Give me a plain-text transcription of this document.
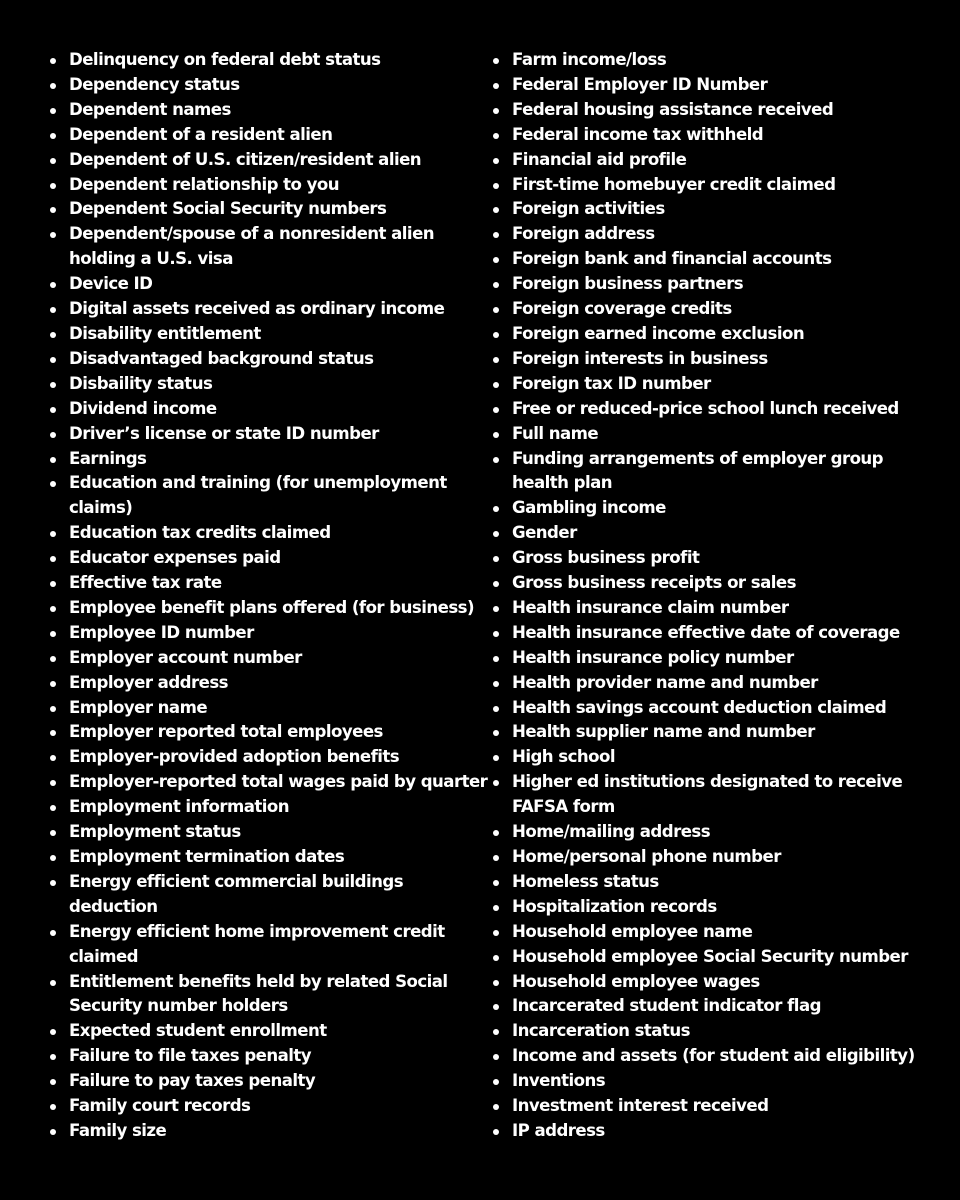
Delinquency on federal debt status
Dependency status
Dependent names
Dependent of a resident alien
Dependent of U.S. citizen/resident alien
Dependent relationship to you
Dependent Social Security numbers
Dependent/spouse of a nonresident alien
holding a U.S. visa
Device ID
Digital assets received as ordinary income
Disability entitlement
Disadvantaged background status
Disbaility status
Dividend income
Driver’s license or state ID number
Earnings
Education and training (for unemployment
claims)
Education tax credits claimed
Educator expenses paid
Effective tax rate
Employee benefit plans offered (for business)
Employee ID number
Employer account number
Employer address
Employer name
Employer reported total employees
Employer-provided adoption benefits
Employer-reported total wages paid by quarter
Employment information
Employment status
Employment termination dates
Energy efficient commercial buildings
deduction
Energy efficient home improvement credit
claimed
Entitlement benefits held by related Social
Security number holders
Expected student enrollment
Failure to file taxes penalty
Failure to pay taxes penalty
Family court records
Family size
Farm income/loss
Federal Employer ID Number
Federal housing assistance received
Federal income tax withheld
Financial aid profile
First-time homebuyer credit claimed
Foreign activities
Foreign address
Foreign bank and financial accounts
Foreign business partners
Foreign coverage credits
Foreign earned income exclusion
Foreign interests in business
Foreign tax ID number
Free or reduced-price school lunch received
Full name
Funding arrangements of employer group
health plan
Gambling income
Gender
Gross business profit
Gross business receipts or sales
Health insurance claim number
Health insurance effective date of coverage
Health insurance policy number
Health provider name and number
Health savings account deduction claimed
Health supplier name and number
High school
Higher ed institutions designated to receive
FAFSA form
Home/mailing address
Home/personal phone number
Homeless status
Hospitalization records
Household employee name
Household employee Social Security number
Household employee wages
Incarcerated student indicator flag
Incarceration status
Income and assets (for student aid eligibility)
Inventions
Investment interest received
IP address
